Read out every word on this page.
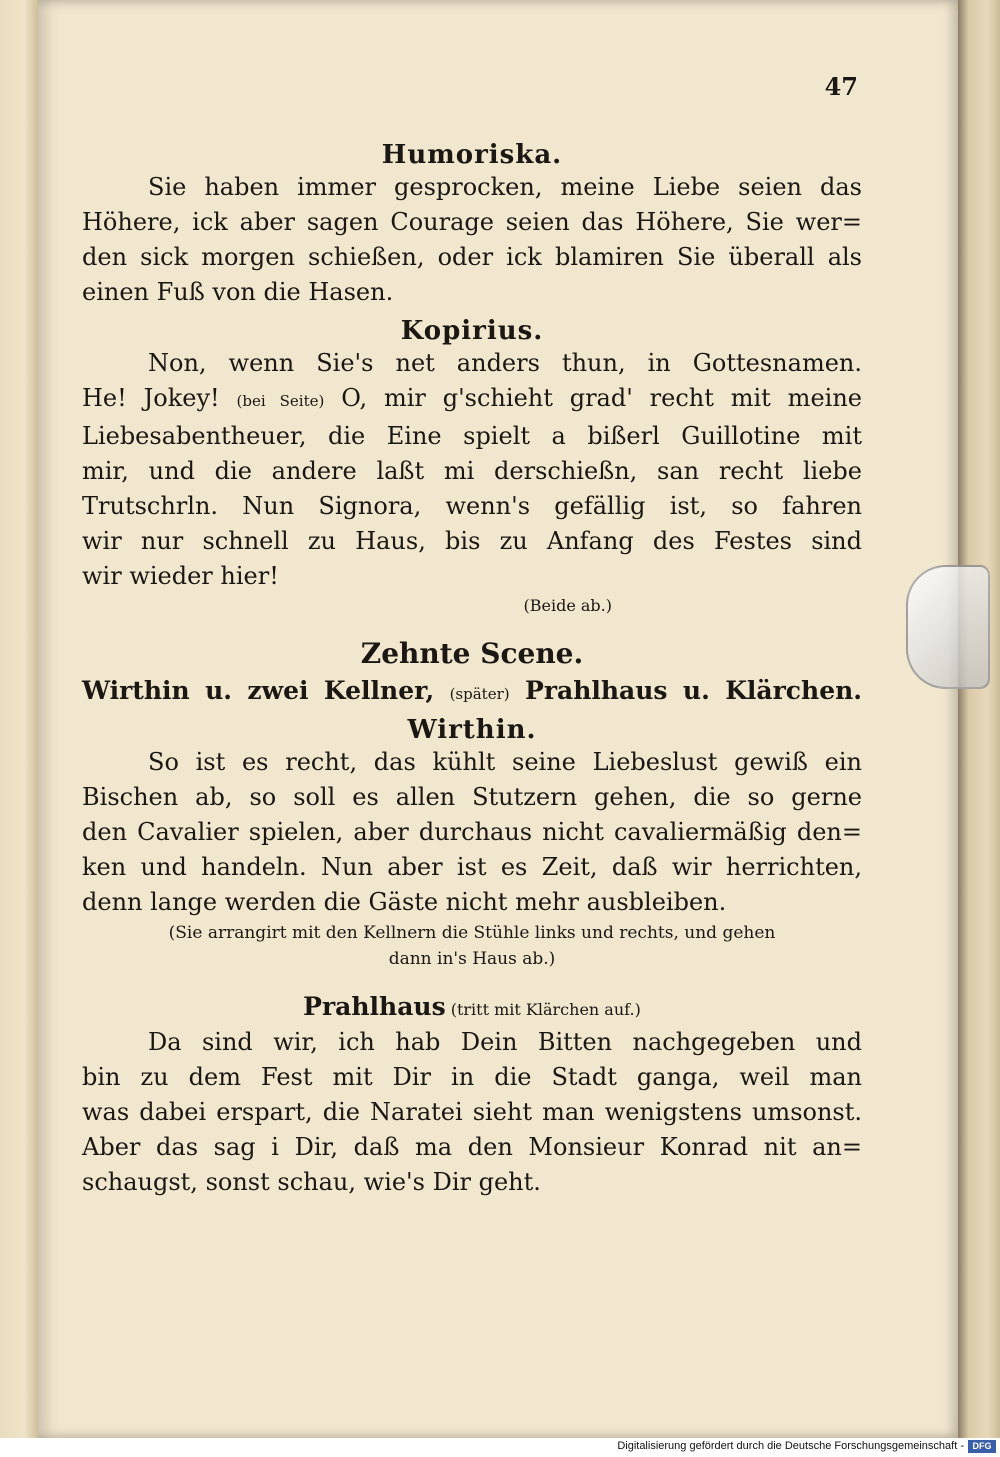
47

Humoriska.

Sie haben immer gesprocken, meine Liebe seien das

Höhere, ick aber sagen Courage seien das Höhere, Sie wer=

den sick morgen schießen, oder ick blamiren Sie überall als

einen Fuß von die Hasen.

Kopirius.

Non, wenn Sie's net anders thun, in Gottesnamen.

He! Jokey! (bei Seite) O, mir g'schieht grad' recht mit meine

Liebesabentheuer, die Eine spielt a bißerl Guillotine mit

mir, und die andere laßt mi derschießn, san recht liebe

Trutschrln. Nun Signora, wenn's gefällig ist, so fahren

wir nur schnell zu Haus, bis zu Anfang des Festes sind

wir wieder hier!

(Beide ab.)

Zehnte Scene.

Wirthin u. zwei Kellner, (später) Prahlhaus u. Klärchen.

Wirthin.

So ist es recht, das kühlt seine Liebeslust gewiß ein

Bischen ab, so soll es allen Stutzern gehen, die so gerne

den Cavalier spielen, aber durchaus nicht cavaliermäßig den=

ken und handeln. Nun aber ist es Zeit, daß wir herrichten,

denn lange werden die Gäste nicht mehr ausbleiben.

(Sie arrangirt mit den Kellnern die Stühle links und rechts, und gehen

dann in's Haus ab.)

Prahlhaus (tritt mit Klärchen auf.)

Da sind wir, ich hab Dein Bitten nachgegeben und

bin zu dem Fest mit Dir in die Stadt ganga, weil man

was dabei erspart, die Naratei sieht man wenigstens umsonst.

Aber das sag i Dir, daß ma den Monsieur Konrad nit an=

schaugst, sonst schau, wie's Dir geht.

Digitalisierung gefördert durch die Deutsche Forschungsgemeinschaft - DFG
